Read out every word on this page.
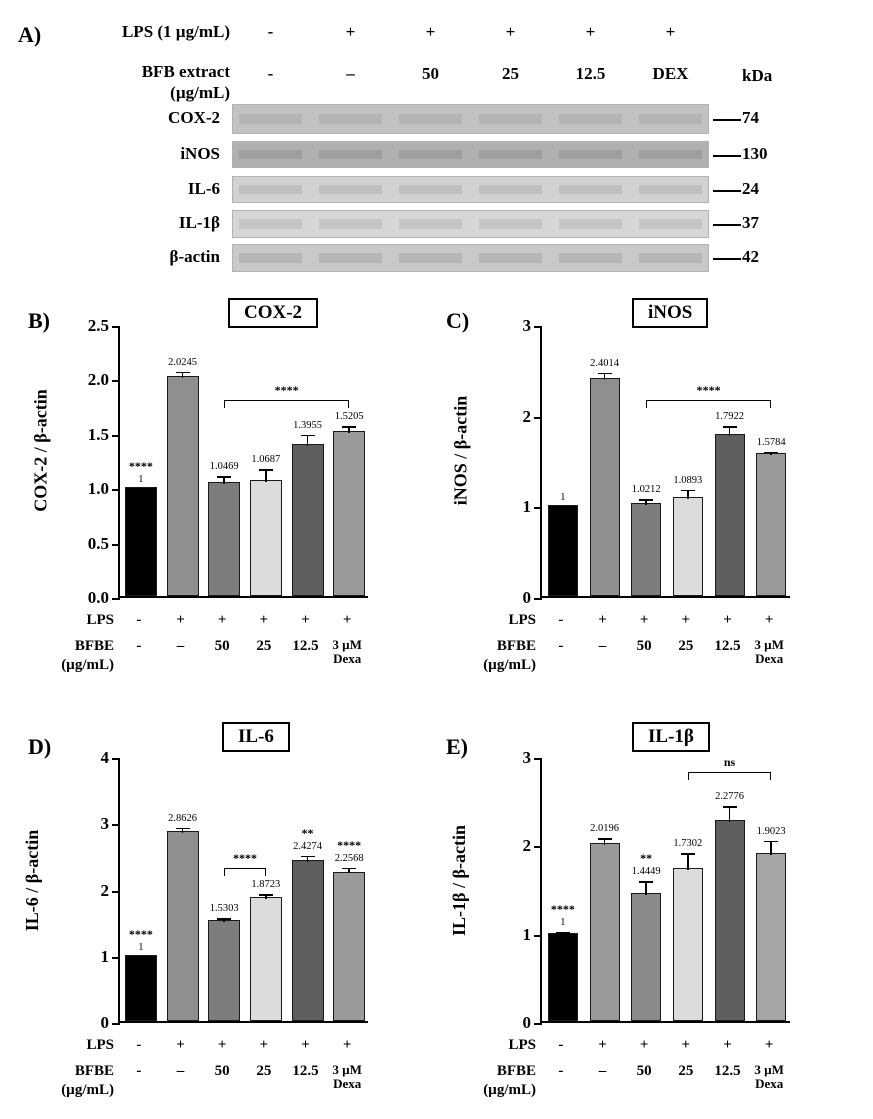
A)	LPS (1 µg/mL)
BFB extract
(µg/mL)
kDa
-	+	+	+	+	+
-	–	50	25	12.5	DEX
COX-2	74
iNOS	130
IL-6	24
IL-1β	37
β-actin	42
B)	COX-2
COX-2 / β-actin
0.0
0.5
1.0
1.5
2.0
2.5
1
2.0245
1.0469
1.0687
1.3955
1.5205
****
****
LPS
BFBE
(µg/mL)
-	+	+	+	+	+
-	–	50	25	12.5	3 µM
Dexa
C)	iNOS
iNOS / β-actin
0
1
2
3
1
2.4014
1.0212
1.0893
1.7922
1.5784
****
LPS
BFBE
(µg/mL)
-	+	+	+	+	+
-	–	50	25	12.5	3 µM
Dexa
D)	IL-6
IL-6 / β-actin
0
1
2
3
4
1
2.8626
1.5303
1.8723
2.4274
2.2568
****
**
****
****
LPS
BFBE
(µg/mL)
-	+	+	+	+	+
-	–	50	25	12.5	3 µM
Dexa
E)	IL-1β
IL-1β / β-actin
0
1
2
3
1
2.0196
1.4449
1.7302
2.2776
1.9023
****
**
ns
LPS
BFBE
(µg/mL)
-	+	+	+	+	+
-	–	50	25	12.5	3 µM
Dexa
